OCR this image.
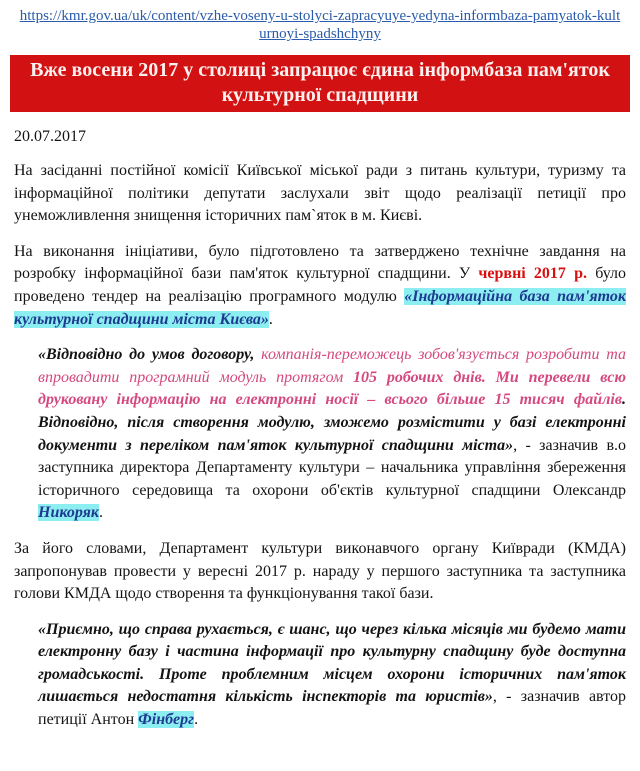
https://kmr.gov.ua/uk/content/vzhe-voseny-u-stolyci-zapracyuye-yedyna-informbaza-pamyatok-kulturnoyi-spadshchyny
Вже восени 2017 у столиці запрацює єдина інформбаза пам'яток культурної спадщини
20.07.2017

На засіданні постійної комісії Київської міської ради з питань культури, туризму та інформаційної політики депутати заслухали звіт щодо реалізації петиції про унеможливлення знищення історичних пам`яток в м. Києві.

На виконання ініціативи, було підготовлено та затверджено технічне завдання на розробку інформаційної бази пам'яток культурної спадщини. У червні 2017 р. було проведено тендер на реалізацію програмного модулю «Інформаційна база пам'яток культурної спадщини міста Києва».

«Відповідно до умов договору, компанія-переможець зобов'язується розробити та впровадити програмний модуль протягом 105 робочих днів. Ми перевели всю друковану інформацію на електронні носії – всього більше 15 тисяч файлів. Відповідно, після створення модулю, зможемо розмістити у базі електронні документи з переліком пам'яток культурної спадщини міста», - зазначив в.о заступника директора Департаменту культури – начальника управління збереження історичного середовища та охорони об'єктів культурної спадщини Олександр Никоряк.

За його словами, Департамент культури виконавчого органу Київради (КМДА) запропонував провести у вересні 2017 р. нараду у першого заступника та заступника голови КМДА щодо створення та функціонування такої бази.

«Приємно, що справа рухається, є шанс, що через кілька місяців ми будемо мати електронну базу і частина інформації про культурну спадщину буде доступна громадськості. Проте проблемним місцем охорони історичних пам'яток лишається недостатня кількість інспекторів та юристів», - зазначив автор петиції Антон Фінберг.
